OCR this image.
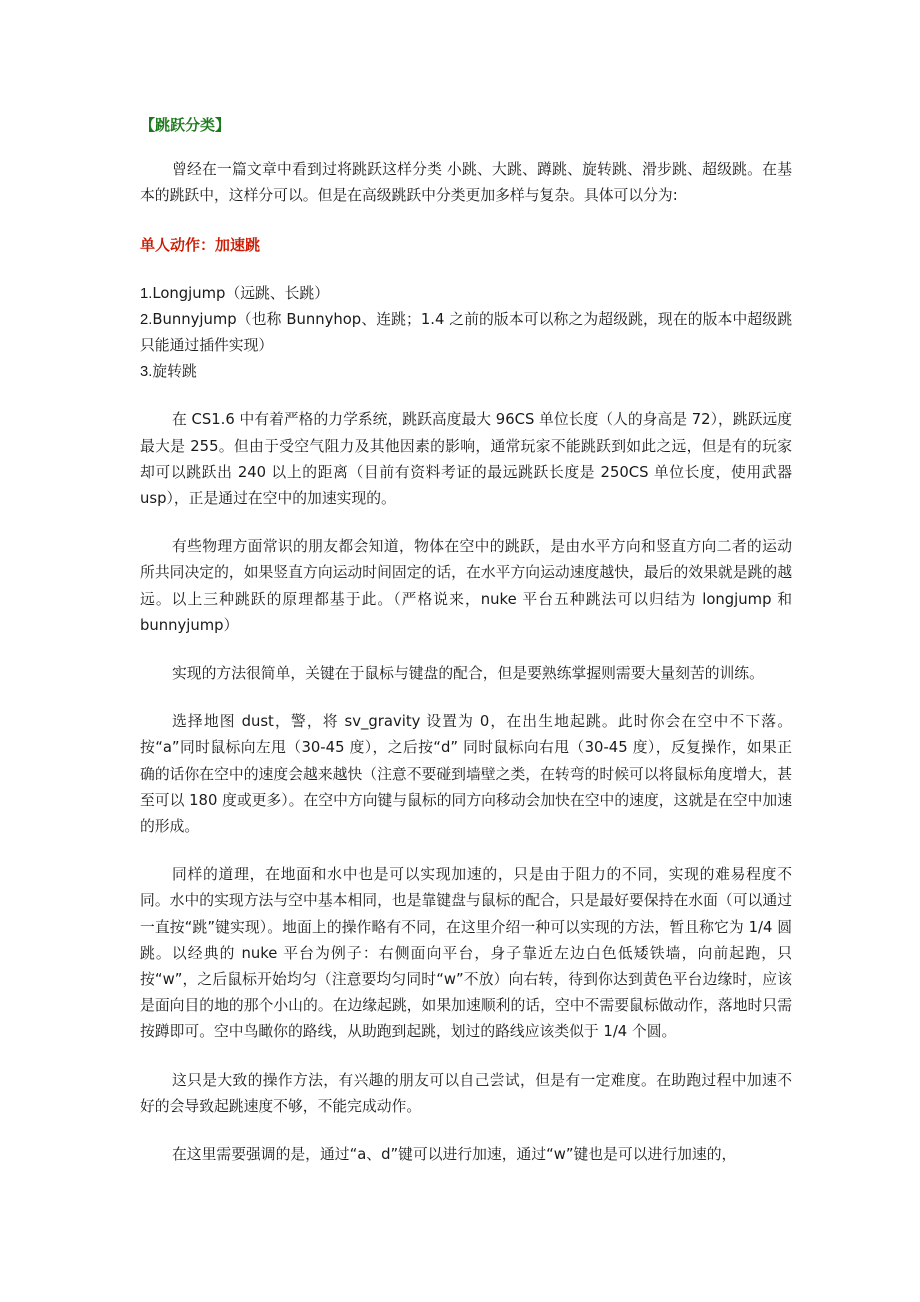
【跳跃分类】

曾经在一篇文章中看到过将跳跃这样分类 小跳、大跳、蹲跳、旋转跳、滑步跳、超级跳。在基本的跳跃中，这样分可以。但是在高级跳跃中分类更加多样与复杂。具体可以分为:

单人动作：加速跳
1.Longjump（远跳、长跳）
2.Bunnyjump（也称 Bunnyhop、连跳；1.4 之前的版本可以称之为超级跳，现在的版本中超级跳只能通过插件实现）
3.旋转跳

在 CS1.6 中有着严格的力学系统，跳跃高度最大 96CS 单位长度（人的身高是 72），跳跃远度最大是 255。但由于受空气阻力及其他因素的影响，通常玩家不能跳跃到如此之远，但是有的玩家却可以跳跃出 240 以上的距离（目前有资料考证的最远跳跃长度是 250CS 单位长度，使用武器 usp），正是通过在空中的加速实现的。

有些物理方面常识的朋友都会知道，物体在空中的跳跃，是由水平方向和竖直方向二者的运动所共同决定的，如果竖直方向运动时间固定的话，在水平方向运动速度越快，最后的效果就是跳的越远。以上三种跳跃的原理都基于此。（严格说来，nuke 平台五种跳法可以归结为 longjump 和 bunnyjump）

实现的方法很简单，关键在于鼠标与键盘的配合，但是要熟练掌握则需要大量刻苦的训练。

选择地图 dust，警，将 sv_gravity 设置为 0，在出生地起跳。此时你会在空中不下落。按“a”同时鼠标向左甩（30-45 度），之后按“d” 同时鼠标向右甩（30-45 度），反复操作，如果正确的话你在空中的速度会越来越快（注意不要碰到墙壁之类，在转弯的时候可以将鼠标角度增大，甚至可以 180 度或更多）。在空中方向键与鼠标的同方向移动会加快在空中的速度，这就是在空中加速的形成。

同样的道理，在地面和水中也是可以实现加速的，只是由于阻力的不同，实现的难易程度不同。水中的实现方法与空中基本相同，也是靠键盘与鼠标的配合，只是最好要保持在水面（可以通过一直按“跳”键实现）。地面上的操作略有不同，在这里介绍一种可以实现的方法，暂且称它为 1/4 圆跳。以经典的 nuke 平台为例子：右侧面向平台，身子靠近左边白色低矮铁墙，向前起跑，只按“w”，之后鼠标开始均匀（注意要均匀同时“w”不放）向右转，待到你达到黄色平台边缘时，应该是面向目的地的那个小山的。在边缘起跳，如果加速顺利的话，空中不需要鼠标做动作，落地时只需按蹲即可。空中鸟瞰你的路线，从助跑到起跳，划过的路线应该类似于 1/4 个圆。

这只是大致的操作方法，有兴趣的朋友可以自己尝试，但是有一定难度。在助跑过程中加速不好的会导致起跳速度不够，不能完成动作。

在这里需要强调的是，通过“a、d”键可以进行加速，通过“w”键也是可以进行加速的，
